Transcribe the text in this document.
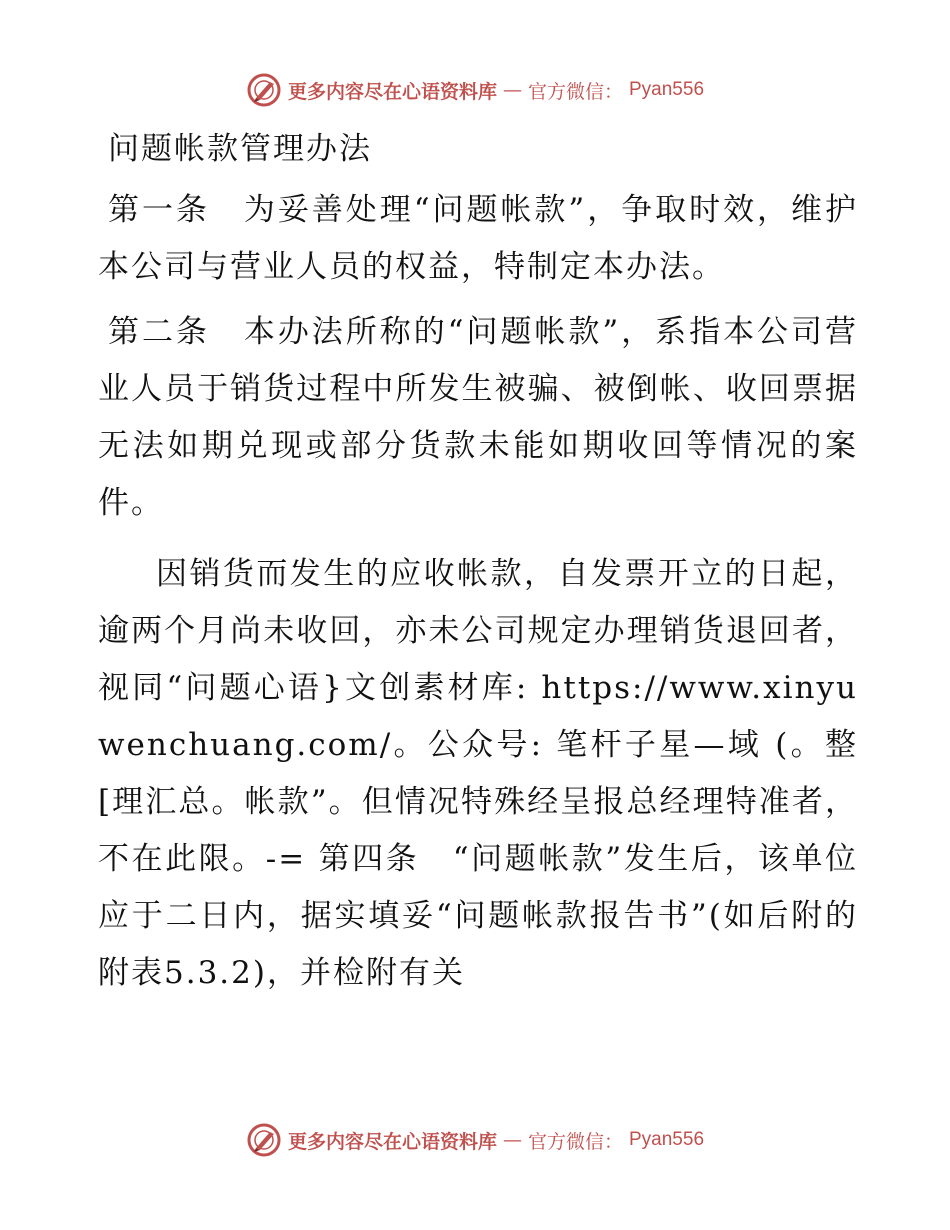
更多内容尽在心语资料库 — 官方微信： Pyan556
问题帐款管理办法

第一条　为妥善处理“问题帐款”，争取时效，维护本公司与营业人员的权益，特制定本办法。

第二条　本办法所称的“问题帐款”，系指本公司营业人员于销货过程中所发生被骗、被倒帐、收回票据无法如期兑现或部分货款未能如期收回等情况的案件。

因销货而发生的应收帐款，自发票开立的日起，逾两个月尚未收回，亦未公司规定办理销货退回者，视同“问题心语}文创素材库: https://www.xinyuwenchuang.com/。公众号: 笔杆子星—域 (。整[理汇总。帐款”。但情况特殊经呈报总经理特准者，不在此限。-= 第四条　“问题帐款”发生后，该单位应于二日内，据实填妥“问题帐款报告书”(如后附的附表5.3.2)，并检附有关

更多内容尽在心语资料库 — 官方微信： Pyan556
